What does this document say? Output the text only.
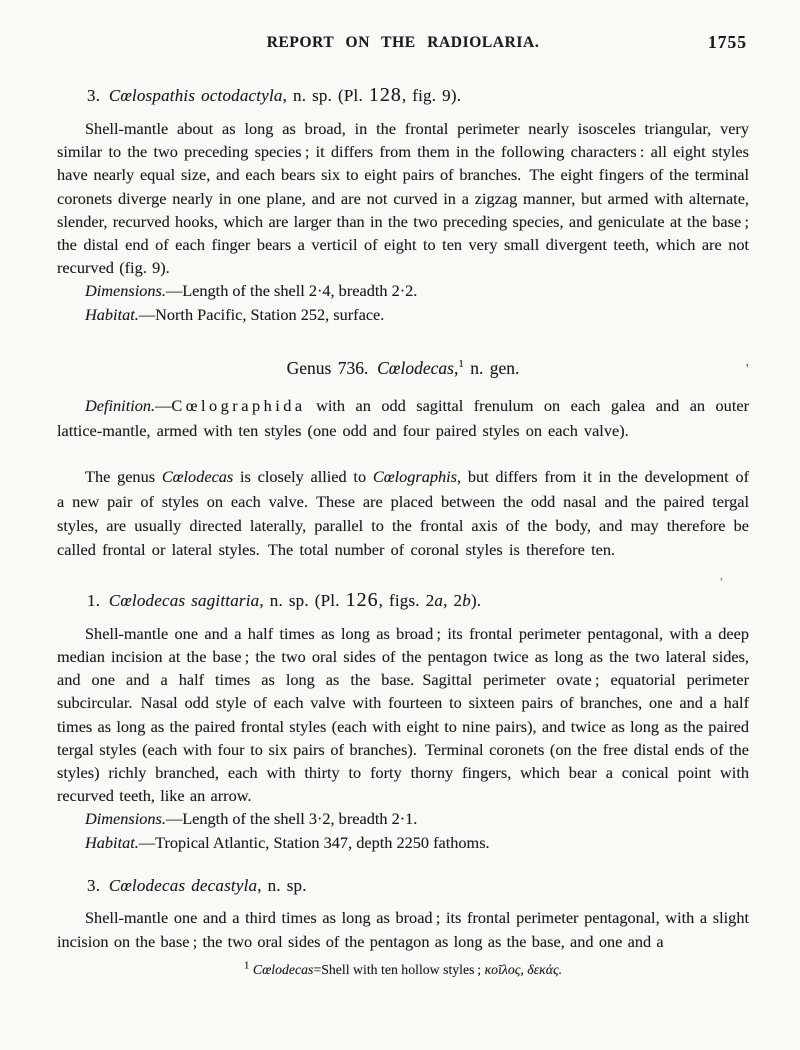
REPORT ON THE RADIOLARIA.	1755
3. Cœlospathis octodactyla, n. sp. (Pl. 128, fig. 9).
Shell-mantle about as long as broad, in the frontal perimeter nearly isosceles triangular, very similar to the two preceding species ; it differs from them in the following characters : all eight styles have nearly equal size, and each bears six to eight pairs of branches. The eight fingers of the terminal coronets diverge nearly in one plane, and are not curved in a zigzag manner, but armed with alternate, slender, recurved hooks, which are larger than in the two preceding species, and geniculate at the base ; the distal end of each finger bears a verticil of eight to ten very small divergent teeth, which are not recurved (fig. 9).
Dimensions.—Length of the shell 2·4, breadth 2·2.
Habitat.—North Pacific, Station 252, surface.
Genus 736. Cœlodecas,$^1$ n. gen.
Definition.—Cœlographida with an odd sagittal frenulum on each galea and an outer lattice-mantle, armed with ten styles (one odd and four paired styles on each valve).
The genus Cœlodecas is closely allied to Cœlographis, but differs from it in the development of a new pair of styles on each valve. These are placed between the odd nasal and the paired tergal styles, are usually directed laterally, parallel to the frontal axis of the body, and may therefore be called frontal or lateral styles. The total number of coronal styles is therefore ten.
1. Cœlodecas sagittaria, n. sp. (Pl. 126, figs. 2a, 2b).
Shell-mantle one and a half times as long as broad ; its frontal perimeter pentagonal, with a deep median incision at the base ; the two oral sides of the pentagon twice as long as the two lateral sides, and one and a half times as long as the base. Sagittal perimeter ovate ; equatorial perimeter subcircular. Nasal odd style of each valve with fourteen to sixteen pairs of branches, one and a half times as long as the paired frontal styles (each with eight to nine pairs), and twice as long as the paired tergal styles (each with four to six pairs of branches). Terminal coronets (on the free distal ends of the styles) richly branched, each with thirty to forty thorny fingers, which bear a conical point with recurved teeth, like an arrow.
Dimensions.—Length of the shell 3·2, breadth 2·1.
Habitat.—Tropical Atlantic, Station 347, depth 2250 fathoms.
3. Cœlodecas decastyla, n. sp.
Shell-mantle one and a third times as long as broad ; its frontal perimeter pentagonal, with a slight incision on the base ; the two oral sides of the pentagon as long as the base, and one and a
$^1$ Cœlodecas=Shell with ten hollow styles ; κοῖλος, δεκάς.
'
,
